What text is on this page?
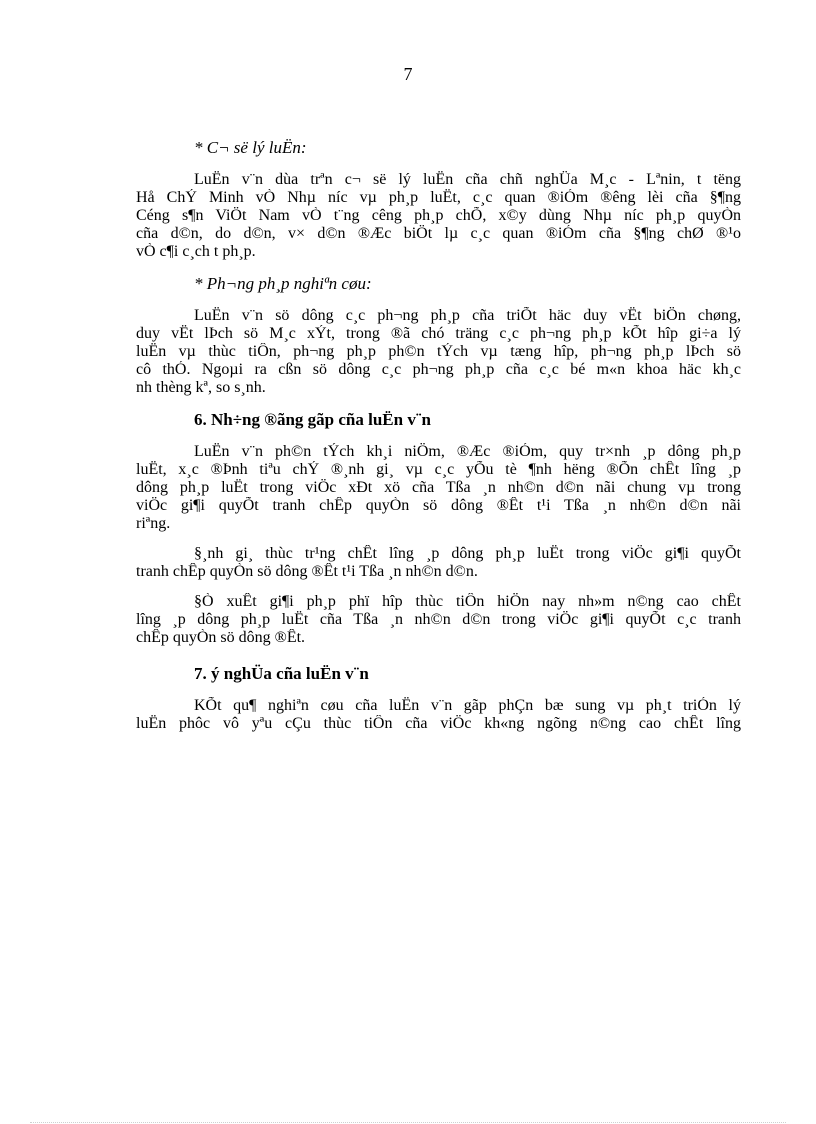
7
* C¬ së lý luËn:
LuËn v¨n dùa trªn c¬ së lý luËn cña chñ nghÜa M¸c - Lªnin, t tëng
Hå ChÝ Minh vÒ Nhµ níc vµ ph¸p luËt, c¸c quan ®iÓm ®êng lèi cña §¶ng
Céng s¶n ViÖt Nam vÒ t¨ng cêng ph¸p chÕ, x©y dùng Nhµ níc ph¸p quyÒn
cña d©n, do d©n, v× d©n ®Æc biÖt lµ c¸c quan ®iÓm cña §¶ng chØ ®¹o
vÒ c¶i c¸ch t ph¸p.
* Ph¬ng ph¸p nghiªn cøu:
LuËn v¨n sö dông c¸c ph¬ng ph¸p cña triÕt häc duy vËt biÖn chøng,
duy vËt lÞch sö M¸c xÝt, trong ®ã chó träng c¸c ph¬ng ph¸p kÕt hîp gi÷a lý
luËn vµ thùc tiÔn, ph¬ng ph¸p ph©n tÝch vµ tæng hîp, ph¬ng ph¸p lÞch sö
cô thÓ. Ngoµi ra cßn sö dông c¸c ph¬ng ph¸p cña c¸c bé m«n khoa häc kh¸c
nh thèng kª, so s¸nh.
6. Nh÷ng ®ãng gãp cña luËn v¨n
LuËn v¨n ph©n tÝch kh¸i niÖm, ®Æc ®iÓm, quy tr×nh ¸p dông ph¸p
luËt, x¸c ®Þnh tiªu chÝ ®¸nh gi¸ vµ c¸c yÕu tè ¶nh hëng ®Õn chÊt lîng ¸p
dông ph¸p luËt trong viÖc xÐt xö cña Tßa ¸n nh©n d©n nãi chung vµ trong
viÖc gi¶i quyÕt tranh chÊp quyÒn sö dông ®Êt t¹i Tßa ¸n nh©n d©n nãi
riªng.
§¸nh gi¸ thùc tr¹ng chÊt lîng ¸p dông ph¸p luËt trong viÖc gi¶i quyÕt
tranh chÊp quyÒn sö dông ®Êt t¹i Tßa ¸n nh©n d©n.
§Ò xuÊt gi¶i ph¸p phï hîp thùc tiÔn hiÖn nay nh»m n©ng cao chÊt
lîng ¸p dông ph¸p luËt cña Tßa ¸n nh©n d©n trong viÖc gi¶i quyÕt c¸c tranh
chÊp quyÒn sö dông ®Êt.
7. ý nghÜa cña luËn v¨n
KÕt qu¶ nghiªn cøu cña luËn v¨n gãp phÇn bæ sung vµ ph¸t triÓn lý
luËn phôc vô yªu cÇu thùc tiÔn cña viÖc kh«ng ngõng n©ng cao chÊt lîng
